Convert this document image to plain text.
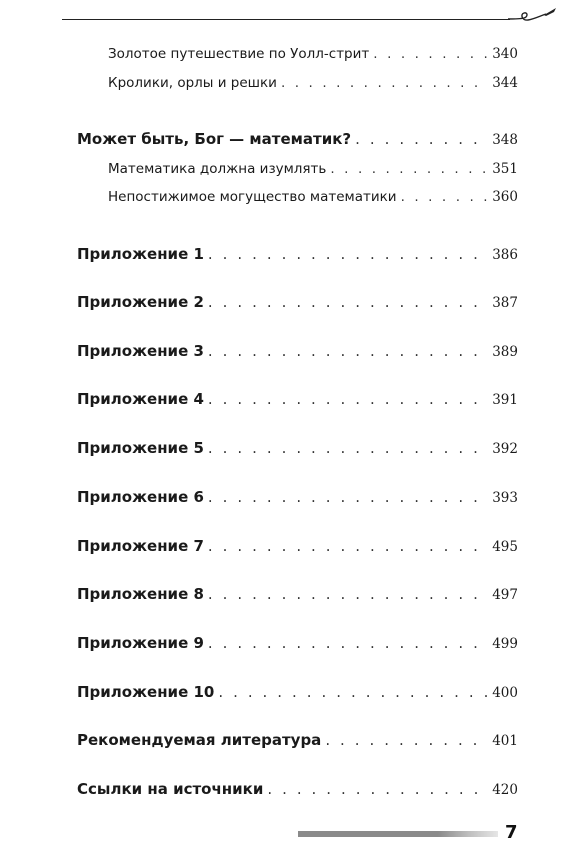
Золотое путешествие по Уолл-стрит . . .	340
Кролики, орлы и решки . . .	344
Может быть, Бог — математик? . . .	348
Математика должна изумлять . . .	351
Непостижимое могущество математики . . .	360
Приложение 1 . . .	386
Приложение 2 . . .	387
Приложение 3 . . .	389
Приложение 4 . . .	391
Приложение 5 . . .	392
Приложение 6 . . .	393
Приложение 7 . . .	495
Приложение 8 . . .	497
Приложение 9 . . .	499
Приложение 10 . . .	400
Рекомендуемая литература . . .	401
Ссылки на источники . . .	420
7
